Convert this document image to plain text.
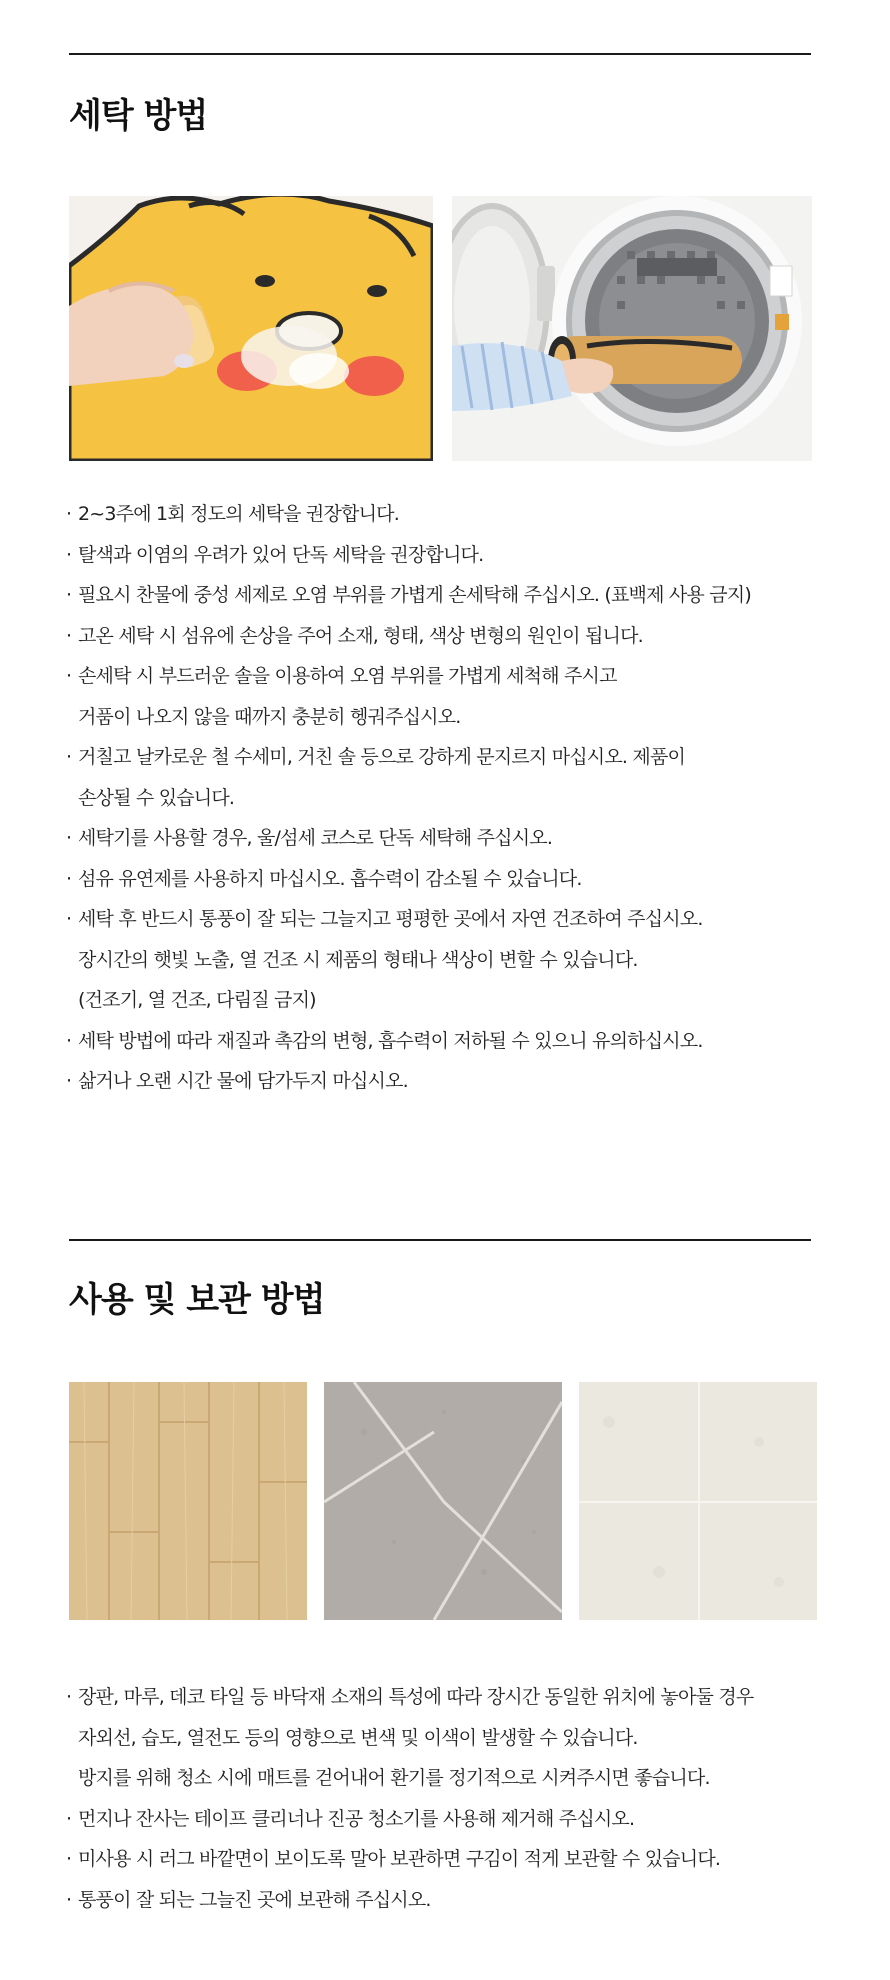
세탁 방법
· 2~3주에 1회 정도의 세탁을 권장합니다.
· 탈색과 이염의 우려가 있어 단독 세탁을 권장합니다.
· 필요시 찬물에 중성 세제로 오염 부위를 가볍게 손세탁해 주십시오. (표백제 사용 금지)
· 고온 세탁 시 섬유에 손상을 주어 소재, 형태, 색상 변형의 원인이 됩니다.
· 손세탁 시 부드러운 솔을 이용하여 오염 부위를 가볍게 세척해 주시고
거품이 나오지 않을 때까지 충분히 헹궈주십시오.
· 거칠고 날카로운 철 수세미, 거친 솔 등으로 강하게 문지르지 마십시오. 제품이
손상될 수 있습니다.
· 세탁기를 사용할 경우, 울/섬세 코스로 단독 세탁해 주십시오.
· 섬유 유연제를 사용하지 마십시오. 흡수력이 감소될 수 있습니다.
· 세탁 후 반드시 통풍이 잘 되는 그늘지고 평평한 곳에서 자연 건조하여 주십시오.
장시간의 햇빛 노출, 열 건조 시 제품의 형태나 색상이 변할 수 있습니다.
(건조기, 열 건조, 다림질 금지)
· 세탁 방법에 따라 재질과 촉감의 변형, 흡수력이 저하될 수 있으니 유의하십시오.
· 삶거나 오랜 시간 물에 담가두지 마십시오.
사용 및 보관 방법
· 장판, 마루, 데코 타일 등 바닥재 소재의 특성에 따라 장시간 동일한 위치에 놓아둘 경우
자외선, 습도, 열전도 등의 영향으로 변색 및 이색이 발생할 수 있습니다.
방지를 위해 청소 시에 매트를 걷어내어 환기를 정기적으로 시켜주시면 좋습니다.
· 먼지나 잔사는 테이프 클리너나 진공 청소기를 사용해 제거해 주십시오.
· 미사용 시 러그 바깥면이 보이도록 말아 보관하면 구김이 적게 보관할 수 있습니다.
· 통풍이 잘 되는 그늘진 곳에 보관해 주십시오.
